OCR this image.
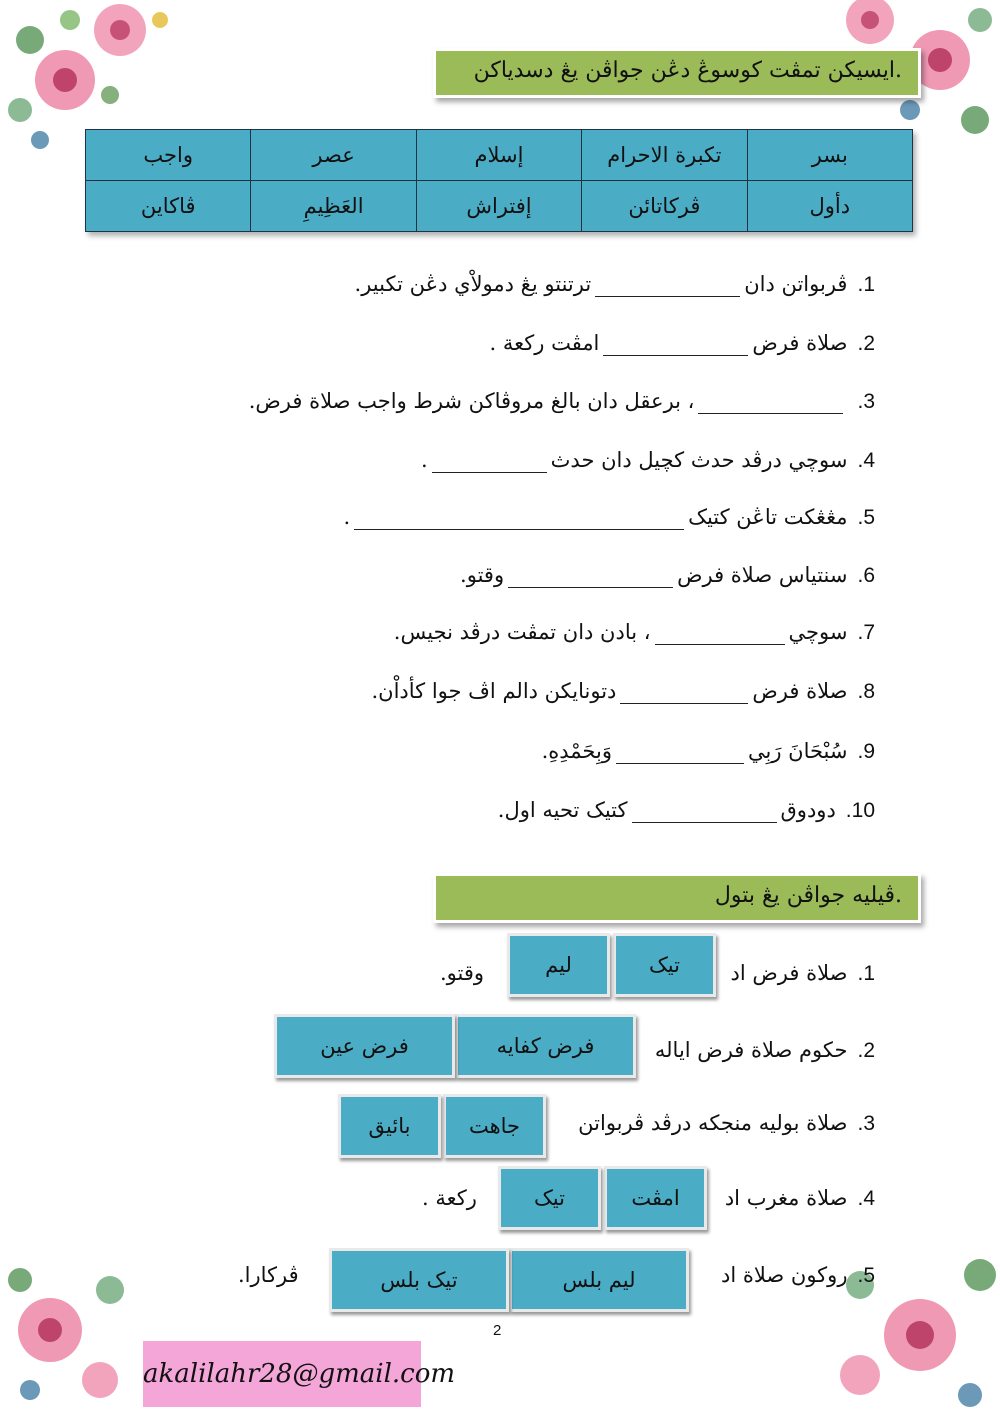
ايسيکن تمڤت کوسوڠ دڠن جواڤن يڠ دسدياکن.
واجب	عصر	إسلام	تکبرة الاحرام	بسر
ڤاکاين	العَظِيمِ	إفتراش	ڤرکاتائن	دأول
1.ڤربواتن دانترتنتو يڠ دمولاْي دڠن تکبير.
2.صلاة فرضامڤت رکعة .
3.، برعقل دان بالغ مروڤاکن شرط واجب صلاة فرض.
4.سوچي درڤد حدث کچيل دان حدث.
5.مڠڠکت تاڠن کتيک.
6.سنتياس صلاة فرضوقتو.
7.سوچي، بادن دان تمڤت درڤد نجيس.
8.صلاة فرضدتونايکن دالم اڤ جوا کأداْن.
9.سُبْحَانَ رَبِيوَبِحَمْدِهِ.
10.دودوقکتيک تحيه اول.
ڤيليه جواڤن يڠ بتول.
1.صلاة فرض اد
تيک
ليم
وقتو.
2.حکوم صلاة فرض اياله
فرض کفايه
فرض عين
3.صلاة بوليه منجکه درڤد ڤربواتن
جاهت
بائيق
4.صلاة مغرب اد
امڤت
تيک
رکعة .
5.روکون صلاة اد
ليم بلس
تيک بلس
ڤرکارا.
2
akalilahr28@gmail.com
